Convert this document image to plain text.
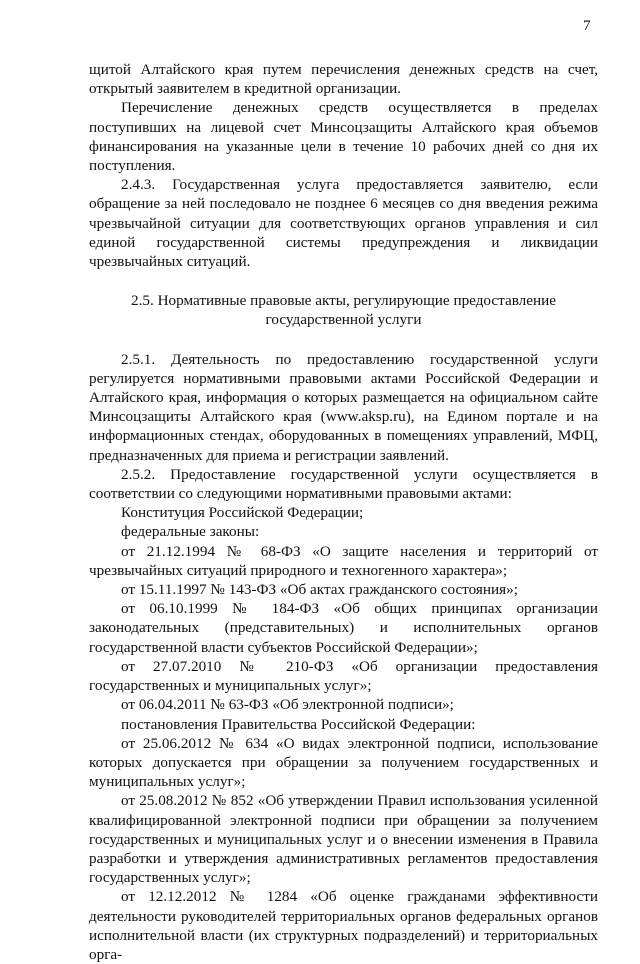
7

щитой Алтайского края путем перечисления денежных средств на счет, открытый заявителем в кредитной организации.

Перечисление денежных средств осуществляется в пределах поступивших на лицевой счет Минсоцзащиты Алтайского края объемов финансирования на указанные цели в течение 10 рабочих дней со дня их поступления.

2.4.3. Государственная услуга предоставляется заявителю, если обращение за ней последовало не позднее 6 месяцев со дня введения режима чрезвычайной ситуации для соответствующих органов управления и сил единой государственной системы предупреждения и ликвидации чрезвычайных ситуаций.

2.5. Нормативные правовые акты, регулирующие предоставление
государственной услуги

2.5.1. Деятельность по предоставлению государственной услуги регулируется нормативными правовыми актами Российской Федерации и Алтайского края, информация о которых размещается на официальном сайте Минсоцзащиты Алтайского края (www.aksp.ru), на Едином портале и на информационных стендах, оборудованных в помещениях управлений, МФЦ, предназначенных для приема и регистрации заявлений.

2.5.2. Предоставление государственной услуги осуществляется в соответствии со следующими нормативными правовыми актами:

Конституция Российской Федерации;

федеральные законы:

от 21.12.1994 № 68-ФЗ «О защите населения и территорий от чрезвычайных ситуаций природного и техногенного характера»;

от 15.11.1997 № 143-ФЗ «Об актах гражданского состояния»;

от 06.10.1999 № 184-ФЗ «Об общих принципах организации законодательных (представительных) и исполнительных органов государственной власти субъектов Российской Федерации»;

от 27.07.2010 № 210-ФЗ «Об организации предоставления государственных и муниципальных услуг»;

от 06.04.2011 № 63-ФЗ «Об электронной подписи»;

постановления Правительства Российской Федерации:

от 25.06.2012 № 634 «О видах электронной подписи, использование которых допускается при обращении за получением государственных и муниципальных услуг»;

от 25.08.2012 № 852 «Об утверждении Правил использования усиленной квалифицированной электронной подписи при обращении за получением государственных и муниципальных услуг и о внесении изменения в Правила разработки и утверждения административных регламентов предоставления государственных услуг»;

от 12.12.2012 № 1284 «Об оценке гражданами эффективности деятельности руководителей территориальных органов федеральных органов исполнительной власти (их структурных подразделений) и территориальных орга-
